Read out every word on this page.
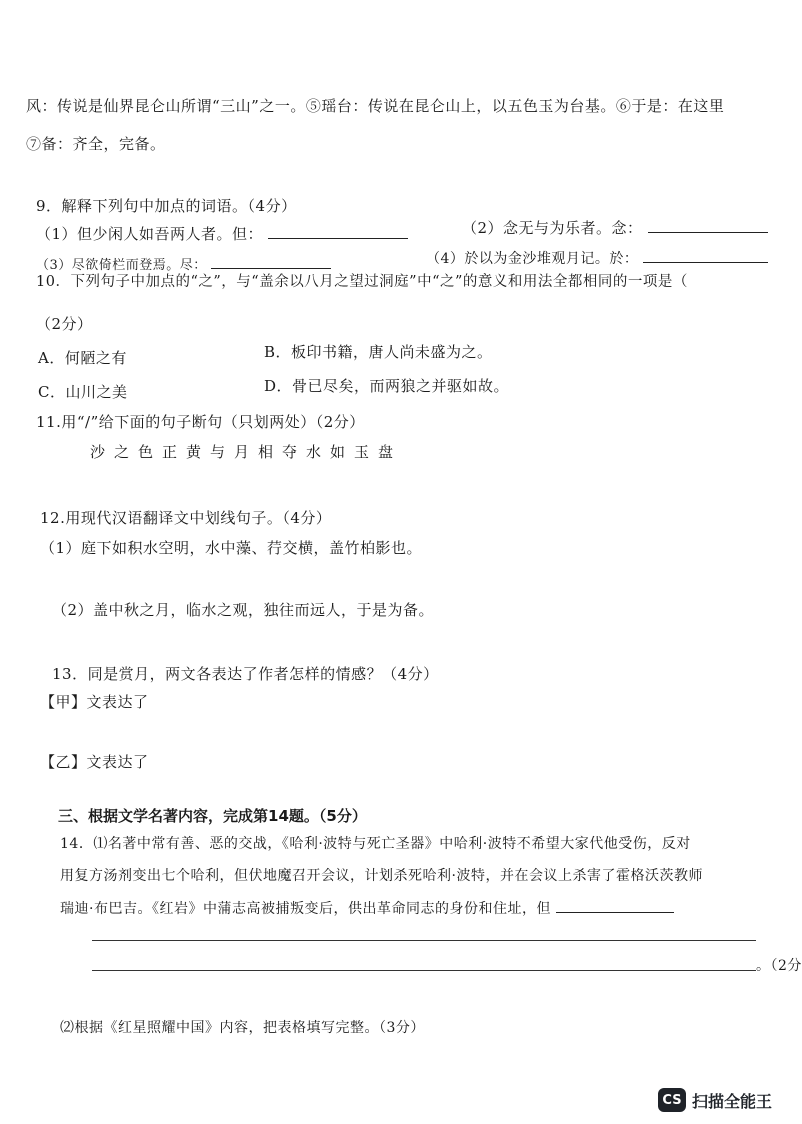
风：传说是仙界昆仑山所谓“三山”之一。⑤瑶台：传说在昆仑山上，以五色玉为台基。⑥于是：在这里
⑦备：齐全，完备。
9．解释下列句中加点的词语。（4分）
（1）但少闲人如吾两人者。但：	（2）念无与为乐者。念：
（3）尽欲倚栏而登焉。尽：	（4）於以为金沙堆观月记。於：
10．下列句子中加点的“之”，与“盖余以八月之望过洞庭”中“之”的意义和用法全都相同的一项是（
（2分）
A．何陋之有	B．板印书籍，唐人尚未盛为之。
C．山川之美	D．骨已尽矣，而两狼之并驱如故。
11.用“/”给下面的句子断句（只划两处）（2分）
沙之色正黄与月相夺水如玉盘
12.用现代汉语翻译文中划线句子。（4分）
（1）庭下如积水空明，水中藻、荇交横，盖竹柏影也。
（2）盖中秋之月，临水之观，独往而远人，于是为备。
13．同是赏月，两文各表达了作者怎样的情感？（4分）
【甲】文表达了
【乙】文表达了
三、根据文学名著内容，完成第14题。（5分）
14．⑴名著中常有善、恶的交战，《哈利·波特与死亡圣器》中哈利·波特不希望大家代他受伤，反对
用复方汤剂变出七个哈利，但伏地魔召开会议，计划杀死哈利·波特，并在会议上杀害了霍格沃茨教师
瑞迪·布巴吉。《红岩》中蒲志高被捕叛变后，供出革命同志的身份和住址，但
。（2分
⑵根据《红星照耀中国》内容，把表格填写完整。（3分）
CS 扫描全能王
